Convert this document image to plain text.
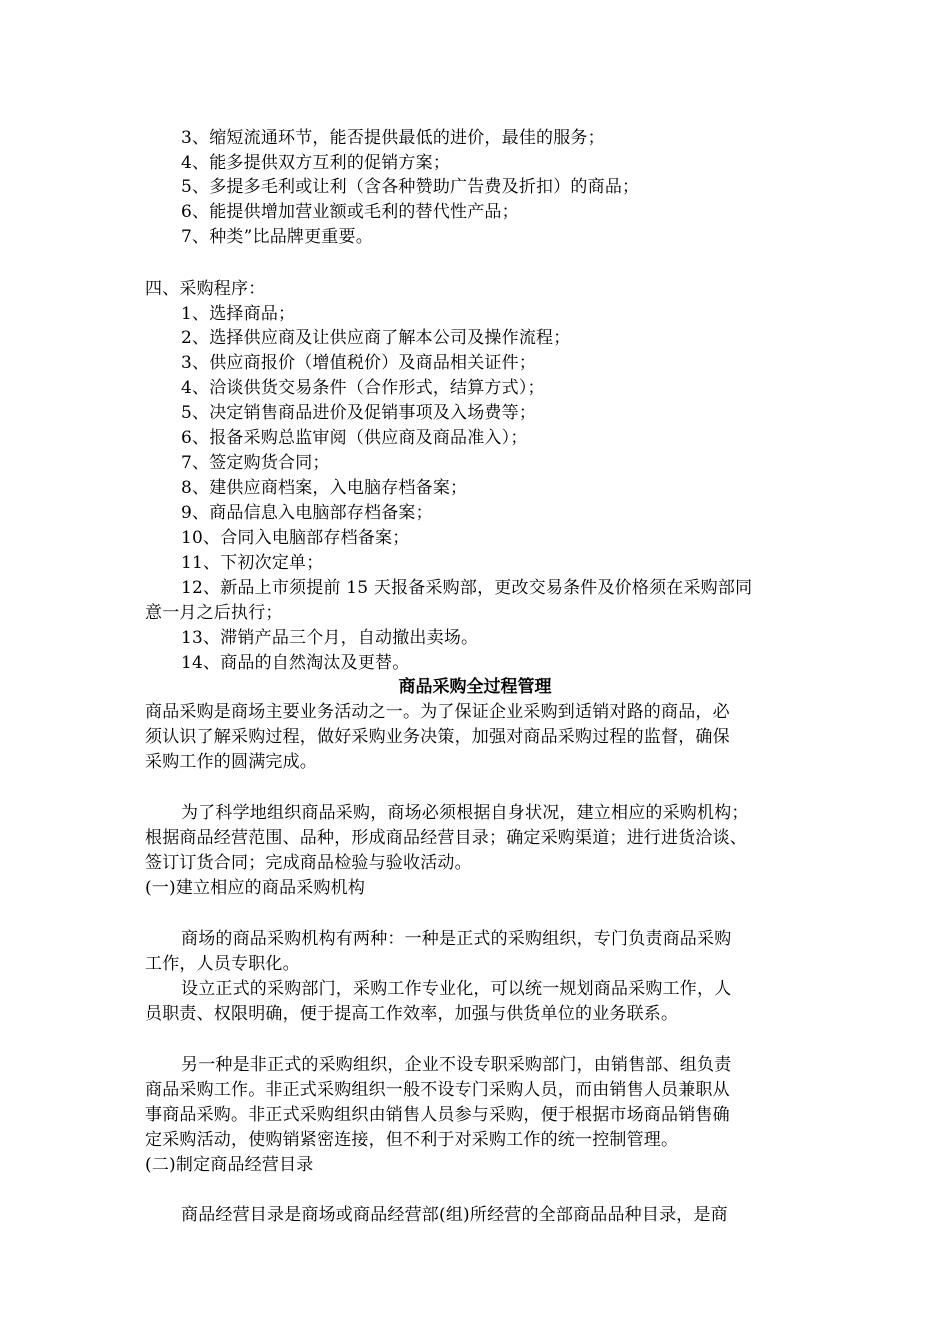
3、缩短流通环节，能否提供最低的进价，最佳的服务；
4、能多提供双方互利的促销方案；
5、多提多毛利或让利（含各种赞助广告费及折扣）的商品；
6、能提供增加营业额或毛利的替代性产品；
7、种类”比品牌更重要。
四、采购程序：
1、选择商品；
2、选择供应商及让供应商了解本公司及操作流程；
3、供应商报价（增值税价）及商品相关证件；
4、洽谈供货交易条件（合作形式，结算方式）；
5、决定销售商品进价及促销事项及入场费等；
6、报备采购总监审阅（供应商及商品准入）；
7、签定购货合同；
8、建供应商档案，入电脑存档备案；
9、商品信息入电脑部存档备案；
10、合同入电脑部存档备案；
11、下初次定单；
12、新品上市须提前 15 天报备采购部，更改交易条件及价格须在采购部同
意一月之后执行；
13、滞销产品三个月，自动撤出卖场。
14、商品的自然淘汰及更替。
商品采购全过程管理
商品采购是商场主要业务活动之一。为了保证企业采购到适销对路的商品，必
须认识了解采购过程，做好采购业务决策，加强对商品采购过程的监督，确保
采购工作的圆满完成。
为了科学地组织商品采购，商场必须根据自身状况，建立相应的采购机构；
根据商品经营范围、品种，形成商品经营目录；确定采购渠道；进行进货洽谈、
签订订货合同；完成商品检验与验收活动。
(一)建立相应的商品采购机构
商场的商品采购机构有两种：一种是正式的采购组织，专门负责商品采购
工作，人员专职化。
设立正式的采购部门，采购工作专业化，可以统一规划商品采购工作，人
员职责、权限明确，便于提高工作效率，加强与供货单位的业务联系。
另一种是非正式的采购组织，企业不设专职采购部门，由销售部、组负责
商品采购工作。非正式采购组织一般不设专门采购人员，而由销售人员兼职从
事商品采购。非正式采购组织由销售人员参与采购，便于根据市场商品销售确
定采购活动，使购销紧密连接，但不利于对采购工作的统一控制管理。
(二)制定商品经营目录
商品经营目录是商场或商品经营部(组)所经营的全部商品品种目录，是商
